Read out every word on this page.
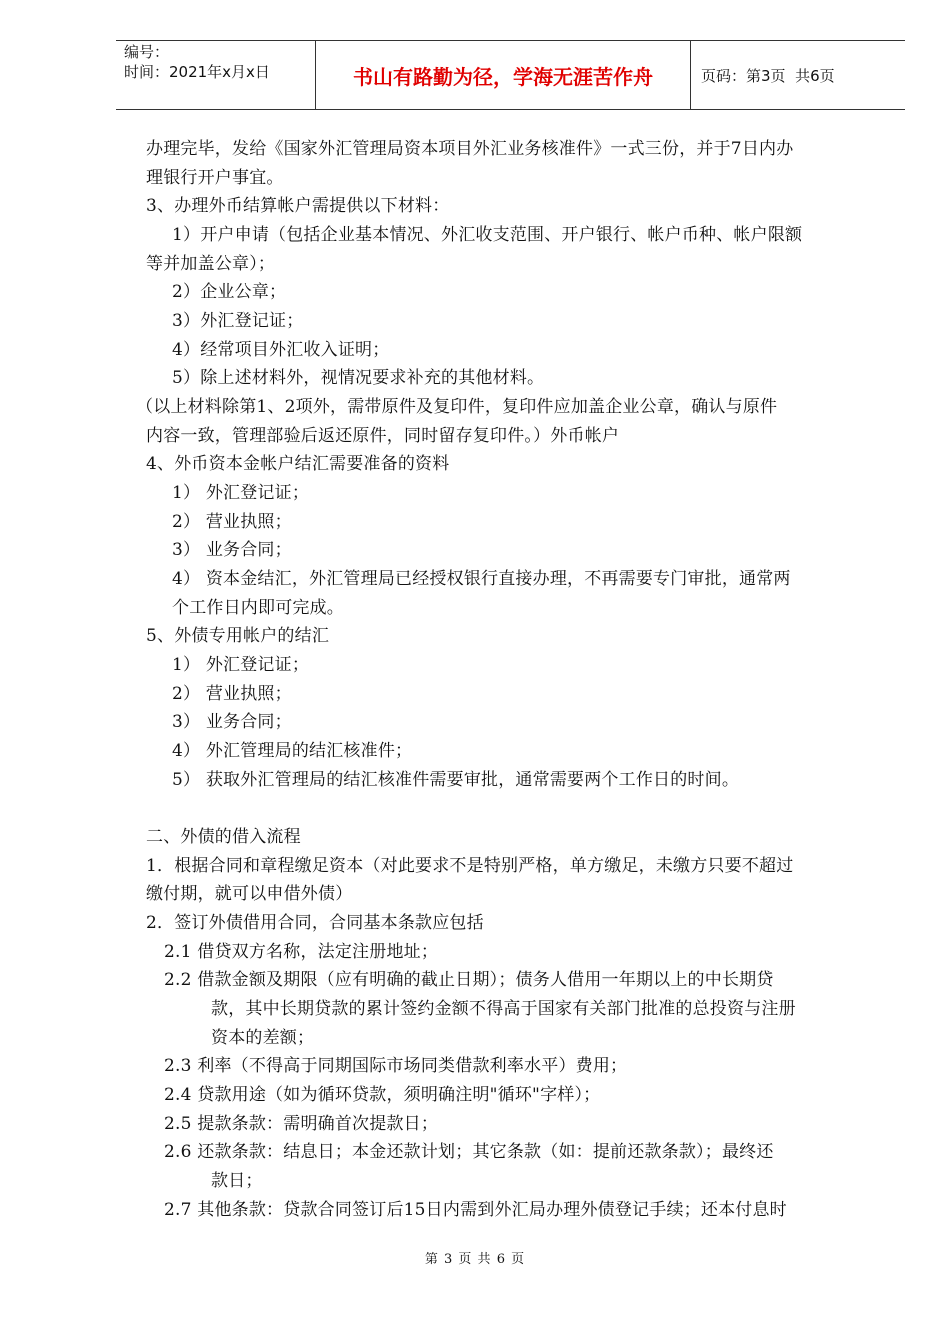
编号：
时间：2021年x月x日	书山有路勤为径，学海无涯苦作舟	页码：第3页  共6页
办理完毕，发给《国家外汇管理局资本项目外汇业务核准件》一式三份，并于7日内办
理银行开户事宜。
3、办理外币结算帐户需提供以下材料：
1）开户申请（包括企业基本情况、外汇收支范围、开户银行、帐户币种、帐户限额
等并加盖公章）；
2）企业公章；
3）外汇登记证；
4）经常项目外汇收入证明；
5）除上述材料外，视情况要求补充的其他材料。
（以上材料除第1、2项外，需带原件及复印件，复印件应加盖企业公章，确认与原件
内容一致，管理部验后返还原件，同时留存复印件。）外币帐户
4、外币资本金帐户结汇需要准备的资料
1） 外汇登记证；
2） 营业执照；
3） 业务合同；
4） 资本金结汇，外汇管理局已经授权银行直接办理，不再需要专门审批，通常两
个工作日内即可完成。
5、外债专用帐户的结汇
1） 外汇登记证；
2） 营业执照；
3） 业务合同；
4） 外汇管理局的结汇核准件；
5） 获取外汇管理局的结汇核准件需要审批，通常需要两个工作日的时间。
二、外债的借入流程
1．根据合同和章程缴足资本（对此要求不是特别严格，单方缴足，未缴方只要不超过
缴付期，就可以申借外债）
2．签订外债借用合同，合同基本条款应包括
2.1 借贷双方名称，法定注册地址；
2.2 借款金额及期限（应有明确的截止日期）；债务人借用一年期以上的中长期贷
款，其中长期贷款的累计签约金额不得高于国家有关部门批准的总投资与注册
资本的差额；
2.3 利率（不得高于同期国际市场同类借款利率水平）费用；
2.4 贷款用途（如为循环贷款，须明确注明"循环"字样）；
2.5 提款条款：需明确首次提款日；
2.6 还款条款：结息日；本金还款计划；其它条款（如：提前还款条款）；最终还
款日；
2.7 其他条款：贷款合同签订后15日内需到外汇局办理外债登记手续；还本付息时
第 3 页 共 6 页
